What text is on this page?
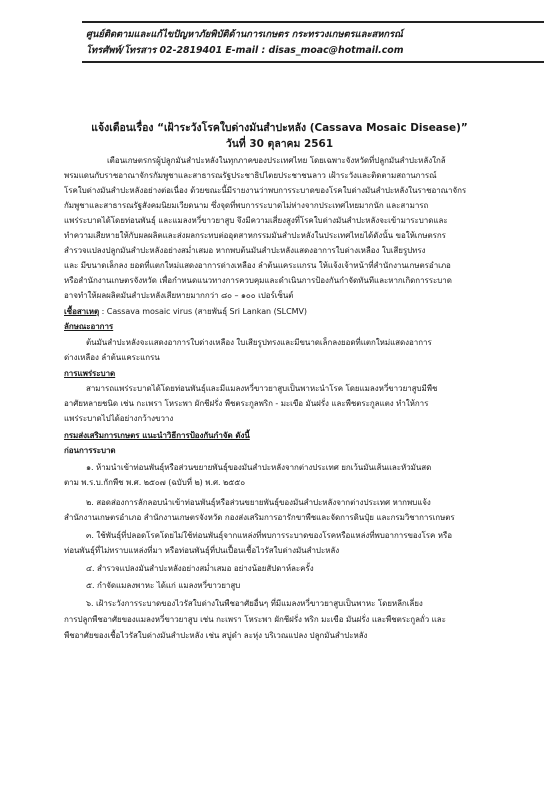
ศูนย์ติดตามและแก้ไขปัญหาภัยพิบัติด้านการเกษตร กระทรวงเกษตรและสหกรณ์
โทรศัพท์/โทรสาร 02-2819401 E-mail : disas_moac@hotmail.com
แจ้งเตือนเรื่อง “เฝ้าระวังโรคใบด่างมันสำปะหลัง (Cassava Mosaic Disease)”
วันที่ 30 ตุลาคม 2561
เตือนเกษตรกรผู้ปลูกมันสำปะหลังในทุกภาคของประเทศไทย โดยเฉพาะจังหวัดที่ปลูกมันสำปะหลังใกล้
พรมแดนกับราชอาณาจักรกัมพูชาและสาธารณรัฐประชาธิปไตยประชาชนลาว เฝ้าระวังและติดตามสถานการณ์
โรคใบด่างมันสำปะหลังอย่างต่อเนื่อง ด้วยขณะนี้มีรายงานว่าพบการระบาดของโรคใบด่างมันสำปะหลังในราชอาณาจักร
กัมพูชาและสาธารณรัฐสังคมนิยมเวียดนาม ซึ่งจุดที่พบการระบาดไม่ห่างจากประเทศไทยมากนัก และสามารถ
แพร่ระบาดได้โดยท่อนพันธุ์ และแมลงหวี่ขาวยาสูบ จึงมีความเสี่ยงสูงที่โรคใบด่างมันสำปะหลังจะเข้ามาระบาดและ
ทำความเสียหายให้กับผลผลิตและส่งผลกระทบต่ออุตสาหกรรมมันสำปะหลังในประเทศไทยได้ดังนั้น ขอให้เกษตรกร
สำรวจแปลงปลูกมันสำปะหลังอย่างสม่ำเสมอ หากพบต้นมันสำปะหลังแสดงอาการใบด่างเหลือง ใบเสียรูปทรง
และ มีขนาดเล็กลง ยอดที่แตกใหม่แสดงอาการด่างเหลือง ลำต้นแคระแกรน ให้แจ้งเจ้าหน้าที่สำนักงานเกษตรอำเภอ
หรือสำนักงานเกษตรจังหวัด เพื่อกำหนดแนวทางการควบคุมและดำเนินการป้องกันกำจัดทันทีและหากเกิดการระบาด
อาจทำให้ผลผลิตมันสำปะหลังเสียหายมากกว่า ๘๐ – ๑๐๐ เปอร์เซ็นต์
เชื้อสาเหตุ : Cassava mosaic virus (สายพันธุ์ Sri Lankan (SLCMV)
ลักษณะอาการ
ต้นมันสำปะหลังจะแสดงอาการใบด่างเหลือง ใบเสียรูปทรงและมีขนาดเล็กลงยอดที่แตกใหม่แสดงอาการ
ด่างเหลือง ลำต้นแคระแกรน
การแพร่ระบาด
สามารถแพร่ระบาดได้โดยท่อนพันธุ์และมีแมลงหวี่ขาวยาสูบเป็นพาหะนำโรค โดยแมลงหวี่ขาวยาสูบมีพืช
อาศัยหลายชนิด เช่น กะเพรา โหระพา ผักชีฝรั่ง พืชตระกูลพริก - มะเขือ มันฝรั่ง และพืชตระกูลแตง ทำให้การ
แพร่ระบาดไปได้อย่างกว้างขวาง
กรมส่งเสริมการเกษตร แนะนำวิธีการป้องกันกำจัด ดังนี้
ก่อนการระบาด
๑. ห้ามนำเข้าท่อนพันธุ์หรือส่วนขยายพันธุ์ของมันสำปะหลังจากต่างประเทศ ยกเว้นมันเส้นและหัวมันสด
ตาม พ.ร.บ.กักพืช พ.ศ. ๒๕๐๗ (ฉบับที่ ๒) พ.ศ. ๒๕๕๐
๒. สอดส่องการลักลอบนำเข้าท่อนพันธุ์หรือส่วนขยายพันธุ์ของมันสำปะหลังจากต่างประเทศ หากพบแจ้ง
สำนักงานเกษตรอำเภอ สำนักงานเกษตรจังหวัด กองส่งเสริมการอารักขาพืชและจัดการดินปุ๋ย และกรมวิชาการเกษตร
๓. ใช้พันธุ์ที่ปลอดโรคโดยไม่ใช้ท่อนพันธุ์จากแหล่งที่พบการระบาดของโรคหรือแหล่งที่พบอาการของโรค หรือ
ท่อนพันธุ์ที่ไม่ทราบแหล่งที่มา หรือท่อนพันธุ์ที่ปนเปื้อนเชื้อไวรัสใบด่างมันสำปะหลัง
๔. สำรวจแปลงมันสำปะหลังอย่างสม่ำเสมอ อย่างน้อยสัปดาห์ละครั้ง
๕. กำจัดแมลงพาหะ ได้แก่ แมลงหวี่ขาวยาสูบ
๖. เฝ้าระวังการระบาดของไวรัสใบด่างในพืชอาศัยอื่นๆ ที่มีแมลงหวี่ขาวยาสูบเป็นพาหะ โดยหลีกเลี่ยง
การปลูกพืชอาศัยของแมลงหวี่ขาวยาสูบ เช่น กะเพรา โหระพา ผักชีฝรั่ง พริก มะเขือ มันฝรั่ง และพืชตระกูลถั่ว และ
พืชอาศัยของเชื้อไวรัสใบด่างมันสำปะหลัง เช่น สบู่ดำ ละหุ่ง บริเวณแปลง ปลูกมันสำปะหลัง
